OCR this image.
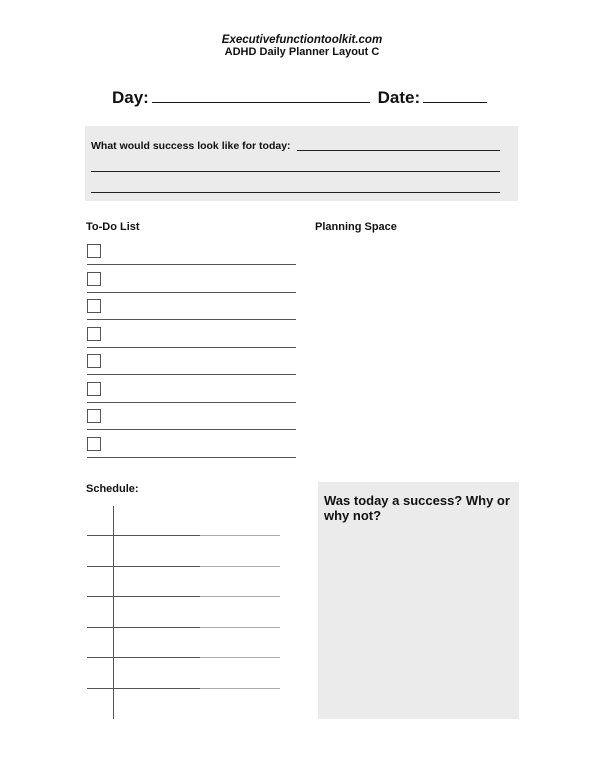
Executivefunctiontoolkit.com
ADHD Daily Planner Layout C
Day:	Date:
What would success look like for today:
To-Do List	Planning Space
Schedule:
Was today a success? Why or why not?
